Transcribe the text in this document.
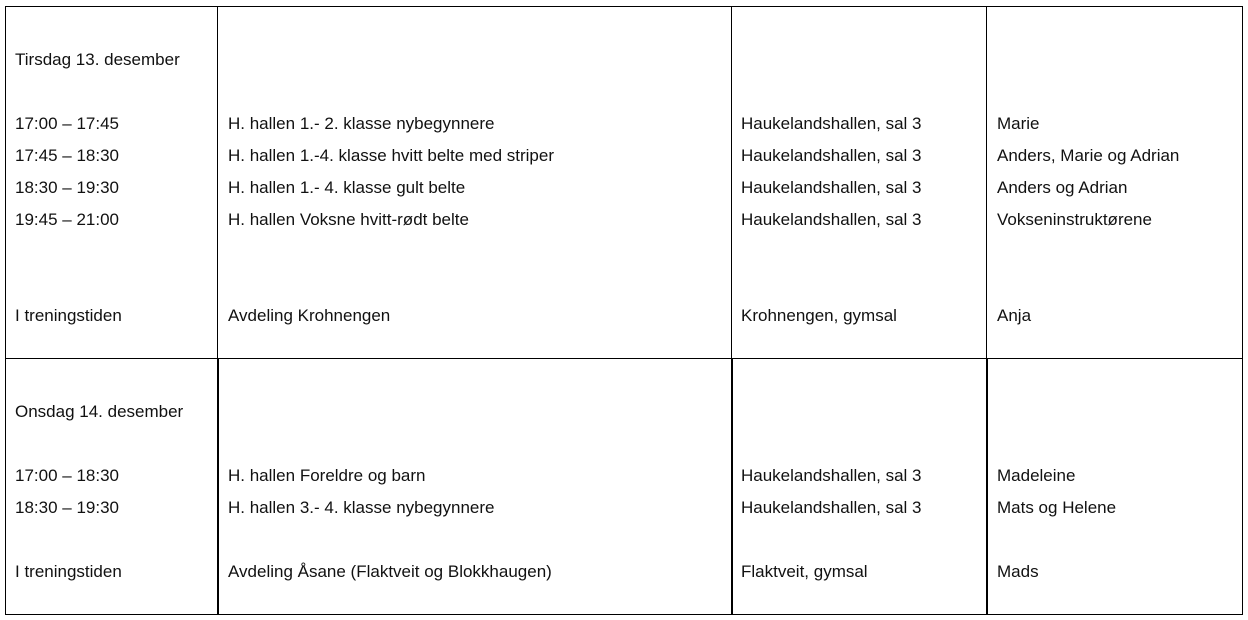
Tirsdag 13. desember
17:00 – 17:45	H. hallen 1.- 2. klasse nybegynnere	Haukelandshallen, sal 3	Marie
17:45 – 18:30	H. hallen 1.-4. klasse hvitt belte med striper	Haukelandshallen, sal 3	Anders, Marie og Adrian
18:30 – 19:30	H. hallen 1.- 4. klasse gult belte	Haukelandshallen, sal 3	Anders og Adrian
19:45 – 21:00	H. hallen Voksne hvitt-rødt belte	Haukelandshallen, sal 3	Vokseninstruktørene
I treningstiden	Avdeling Krohnengen	Krohnengen, gymsal	Anja
Onsdag 14. desember
17:00 – 18:30	H. hallen Foreldre og barn	Haukelandshallen, sal 3	Madeleine
18:30 – 19:30	H. hallen 3.- 4. klasse nybegynnere	Haukelandshallen, sal 3	Mats og Helene
I treningstiden	Avdeling Åsane (Flaktveit og Blokkhaugen)	Flaktveit, gymsal	Mads
